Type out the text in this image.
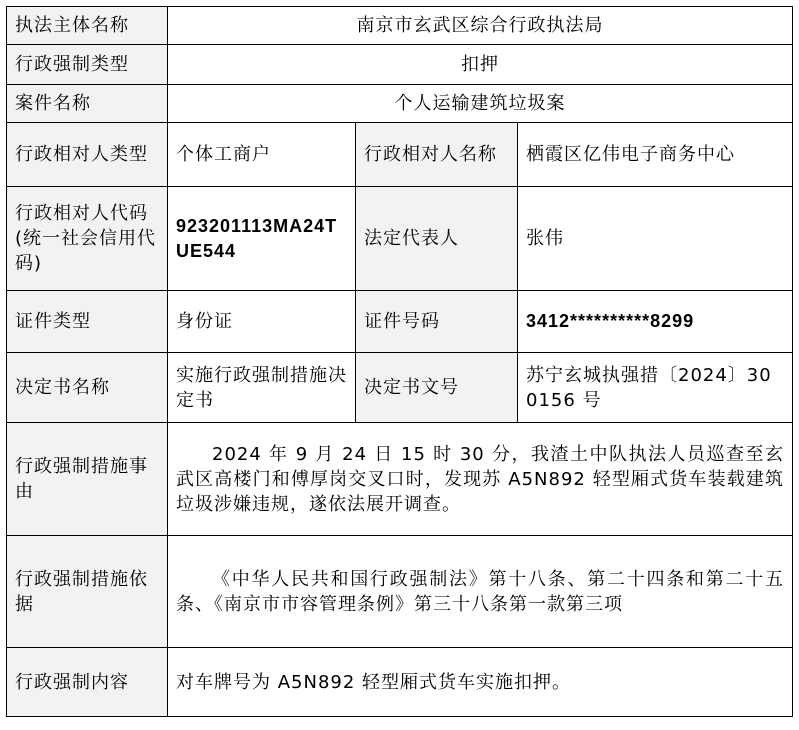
执法主体名称	南京市玄武区综合行政执法局		
行政强制类型	扣押		
案件名称	个人运输建筑垃圾案		
行政相对人类型	个体工商户	行政相对人名称	栖霞区亿伟电子商务中心
行政相对人代码(统一社会信用代码)	923201113MA24TUE544	法定代表人	张伟
证件类型	身份证	证件号码	3412**********8299
决定书名称	实施行政强制措施决定书	决定书文号	苏宁玄城执强措〔2024〕300156 号
行政强制措施事由	2024 年 9 月 24 日 15 时 30 分，我渣土中队执法人员巡查至玄武区高楼门和傅厚岗交叉口时，发现苏 A5N892 轻型厢式货车装载建筑垃圾涉嫌违规，遂依法展开调查。		
行政强制措施依据	《中华人民共和国行政强制法》第十八条、第二十四条和第二十五条、《南京市市容管理条例》第三十八条第一款第三项		
行政强制内容	对车牌号为 A5N892 轻型厢式货车实施扣押。		
